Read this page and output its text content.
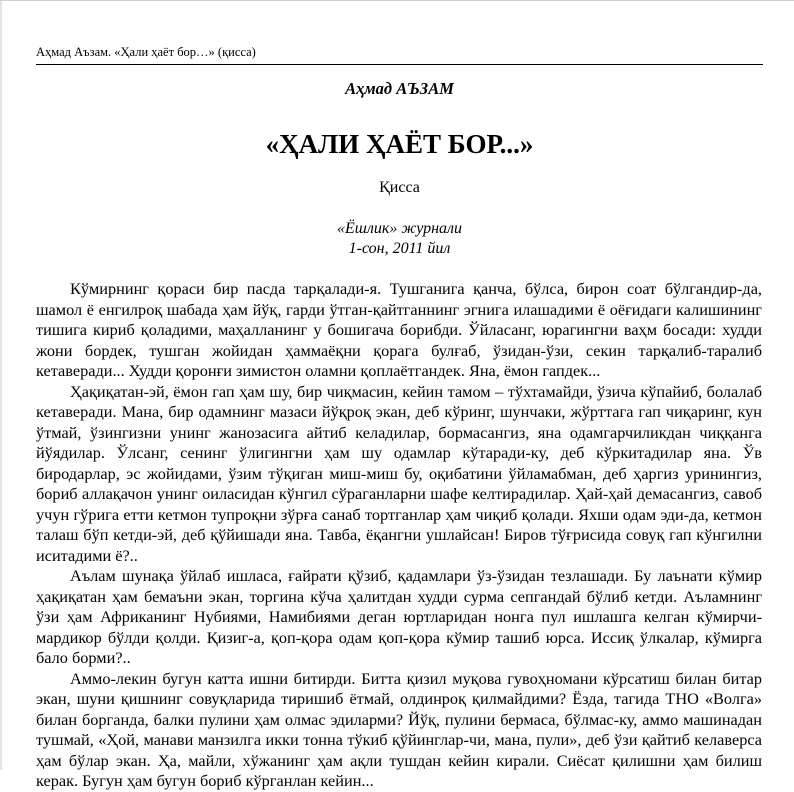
Аҳмад Аъзам. «Ҳали ҳаёт бор…» (қисса)
Аҳмад АЪЗАМ
«ҲАЛИ ҲАЁТ БОР...»
Қисса
«Ёшлик» журнали
1-сон, 2011 йил

Кўмирнинг қораси бир пасда тарқалади-я. Тушганига қанча, бўлса, бирон соат бўлгандир-да, шамол ё енгилроқ шабада ҳам йўқ, гарди ўтган-қайтганнинг эгнига илашадими ё оёғидаги калишининг тишига кириб қоладими, маҳалланинг у бошигача борибди. Ўйласанг, юрагингни ваҳм босади: худди жони бордек, тушган жойидан ҳаммаёқни қорага булғаб, ўзидан-ўзи, секин тарқалиб-таралиб кетаверади... Худди қоронғи зимистон оламни қоплаётгандек. Яна, ёмон гапдек...

Ҳақиқатан-эй, ёмон гап ҳам шу, бир чиқмасин, кейин тамом – тўхтамайди, ўзича кўпайиб, болалаб кетаверади. Мана, бир одамнинг мазаси йўқроқ экан, деб кўринг, шунчаки, жўрттага гап чиқаринг, кун ўтмай, ўзингизни унинг жанозасига айтиб келадилар, бормасангиз, яна одамгарчиликдан чиққанга йўядилар. Ўлсанг, сенинг ўлигингни ҳам шу одамлар кўтаради-ку, деб кўркитадилар яна. Ўв биродарлар, эс жойидами, ўзим тўқиган миш-миш бу, оқибатини ўйламабман, деб ҳаргиз уринингиз, бориб аллақачон унинг оиласидан кўнгил сўраганларни шафе келтирадилар. Ҳай-ҳай демасангиз, савоб учун гўрига етти кетмон тупроқни зўрға санаб тортганлар ҳам чиқиб қолади. Яхши одам эди-да, кетмон талаш бўп кетди-эй, деб қўйишади яна. Тавба, ёқангни ушлайсан! Биров тўғрисида совуқ гап кўнгилни иситадими ё?..

Аълам шунақа ўйлаб ишласа, ғайрати қўзиб, қадамлари ўз-ўзидан тезлашади. Бу лаънати кўмир ҳақиқатан ҳам бемаъни экан, торгина кўча ҳалитдан худди сурма сепгандай бўлиб кетди. Аъламнинг ўзи ҳам Африканинг Нубиями, Намибиями деган юртларидан нонга пул ишлашга келган кўмирчи-мардикор бўлди қолди. Қизиг-а, қоп-қора одам қоп-қора кўмир ташиб юрса. Иссиқ ўлкалар, кўмирга бало борми?..

Аммо-лекин бугун катта ишни битирди. Битта қизил муқова гувоҳномани кўрсатиш билан битар экан, шуни қишнинг совуқларида тиришиб ётмай, олдинроқ қилмайдими? Ёзда, тагида ТНО «Волга» билан борганда, балки пулини ҳам олмас эдиларми? Йўқ, пулини бермаса, бўлмас-ку, аммо машинадан тушмай, «Ҳой, манави манзилга икки тонна тўкиб қўйинглар-чи, мана, пули», деб ўзи қайтиб келаверса ҳам бўлар экан. Ҳа, майли, хўжанинг ҳам ақли тушдан кейин кирали. Сиёсат қилишни ҳам билиш керак. Бугун ҳам бугун бориб кўрганлан кейин...
